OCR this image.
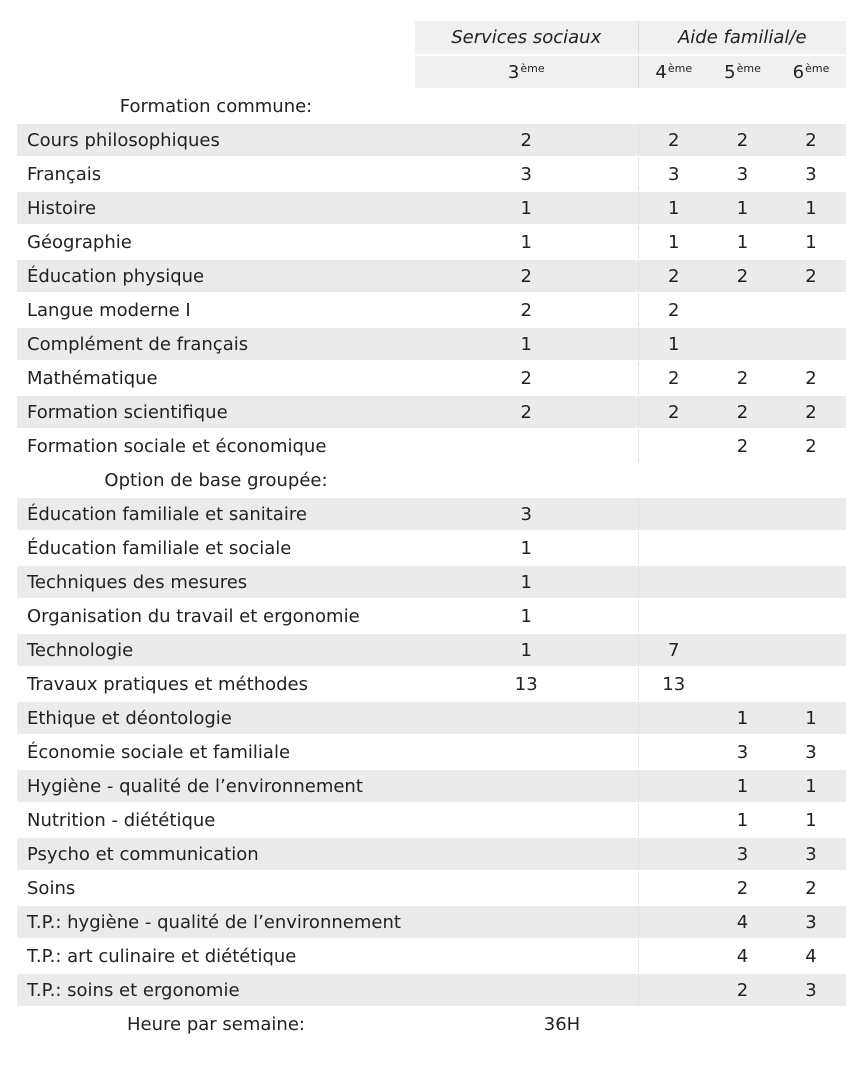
	Services sociaux	Aide familial/e		
	3ème	4ème	5ème	6ème
Formation commune:				
Cours philosophiques	2	2	2	2
Français	3	3	3	3
Histoire	1	1	1	1
Géographie	1	1	1	1
Éducation physique	2	2	2	2
Langue moderne I	2	2		
Complément de français	1	1		
Mathématique	2	2	2	2
Formation scientifique	2	2	2	2
Formation sociale et économique			2	2
Option de base groupée:				
Éducation familiale et sanitaire	3			
Éducation familiale et sociale	1			
Techniques des mesures	1			
Organisation du travail et ergonomie	1			
Technologie	1	7		
Travaux pratiques et méthodes	13	13		
Ethique et déontologie			1	1
Économie sociale et familiale			3	3
Hygiène - qualité de l’environnement			1	1
Nutrition - diététique			1	1
Psycho et communication			3	3
Soins			2	2
T.P.: hygiène - qualité de l’environnement			4	3
T.P.: art culinaire et diététique			4	4
T.P.: soins et ergonomie			2	3
Heure par semaine:	36H			
